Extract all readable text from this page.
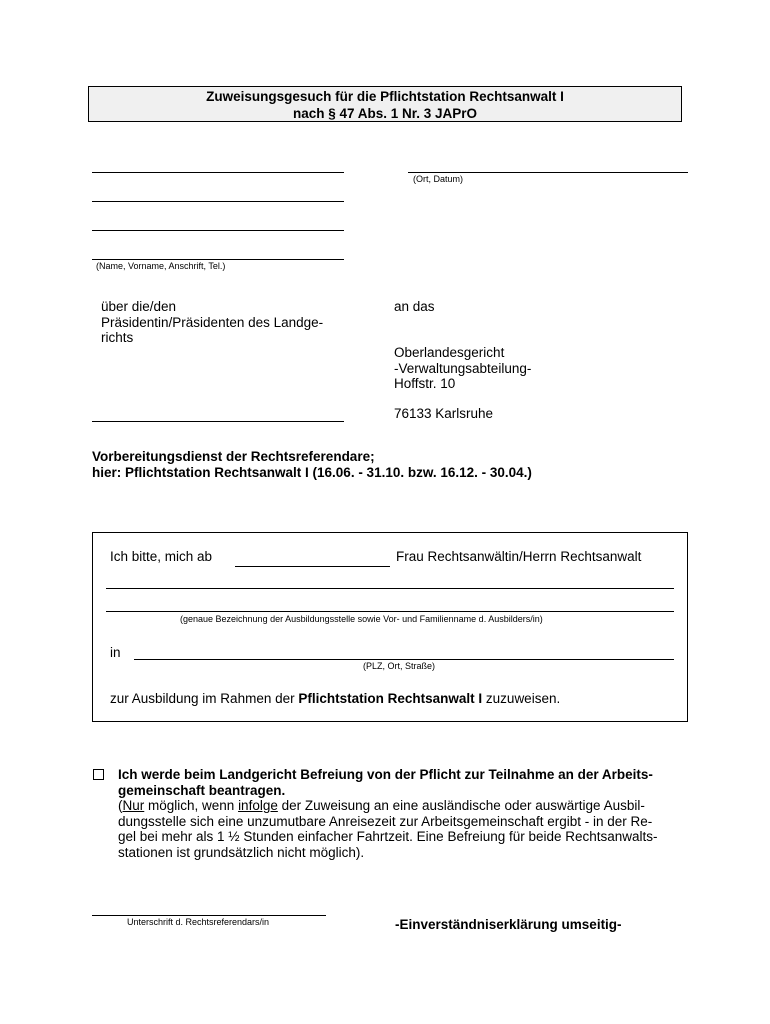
Zuweisungsgesuch für die Pflichtstation Rechtsanwalt I
nach § 47 Abs. 1 Nr. 3 JAPrO
(Ort, Datum)
(Name, Vorname, Anschrift, Tel.)
über die/den
Präsidentin/Präsidenten des Landge-
richts
an das
Oberlandesgericht
-Verwaltungsabteilung-
Hoffstr. 10
76133 Karlsruhe
Vorbereitungsdienst der Rechtsreferendare;
hier: Pflichtstation Rechtsanwalt I (16.06. - 31.10. bzw. 16.12. - 30.04.)
Ich bitte, mich ab	Frau Rechtsanwältin/Herrn Rechtsanwalt
(genaue Bezeichnung der Ausbildungsstelle sowie Vor- und Familienname d. Ausbilders/in)
in
(PLZ, Ort, Straße)
zur Ausbildung im Rahmen der Pflichtstation Rechtsanwalt I zuzuweisen.
Ich werde beim Landgericht Befreiung von der Pflicht zur Teilnahme an der Arbeits-
gemeinschaft beantragen.
(Nur möglich, wenn infolge der Zuweisung an eine ausländische oder auswärtige Ausbil-
dungsstelle sich eine unzumutbare Anreisezeit zur Arbeitsgemeinschaft ergibt - in der Re-
gel bei mehr als 1 ½ Stunden einfacher Fahrtzeit. Eine Befreiung für beide Rechtsanwalts-
stationen ist grundsätzlich nicht möglich).
Unterschrift d. Rechtsreferendars/in	-Einverständniserklärung umseitig-
